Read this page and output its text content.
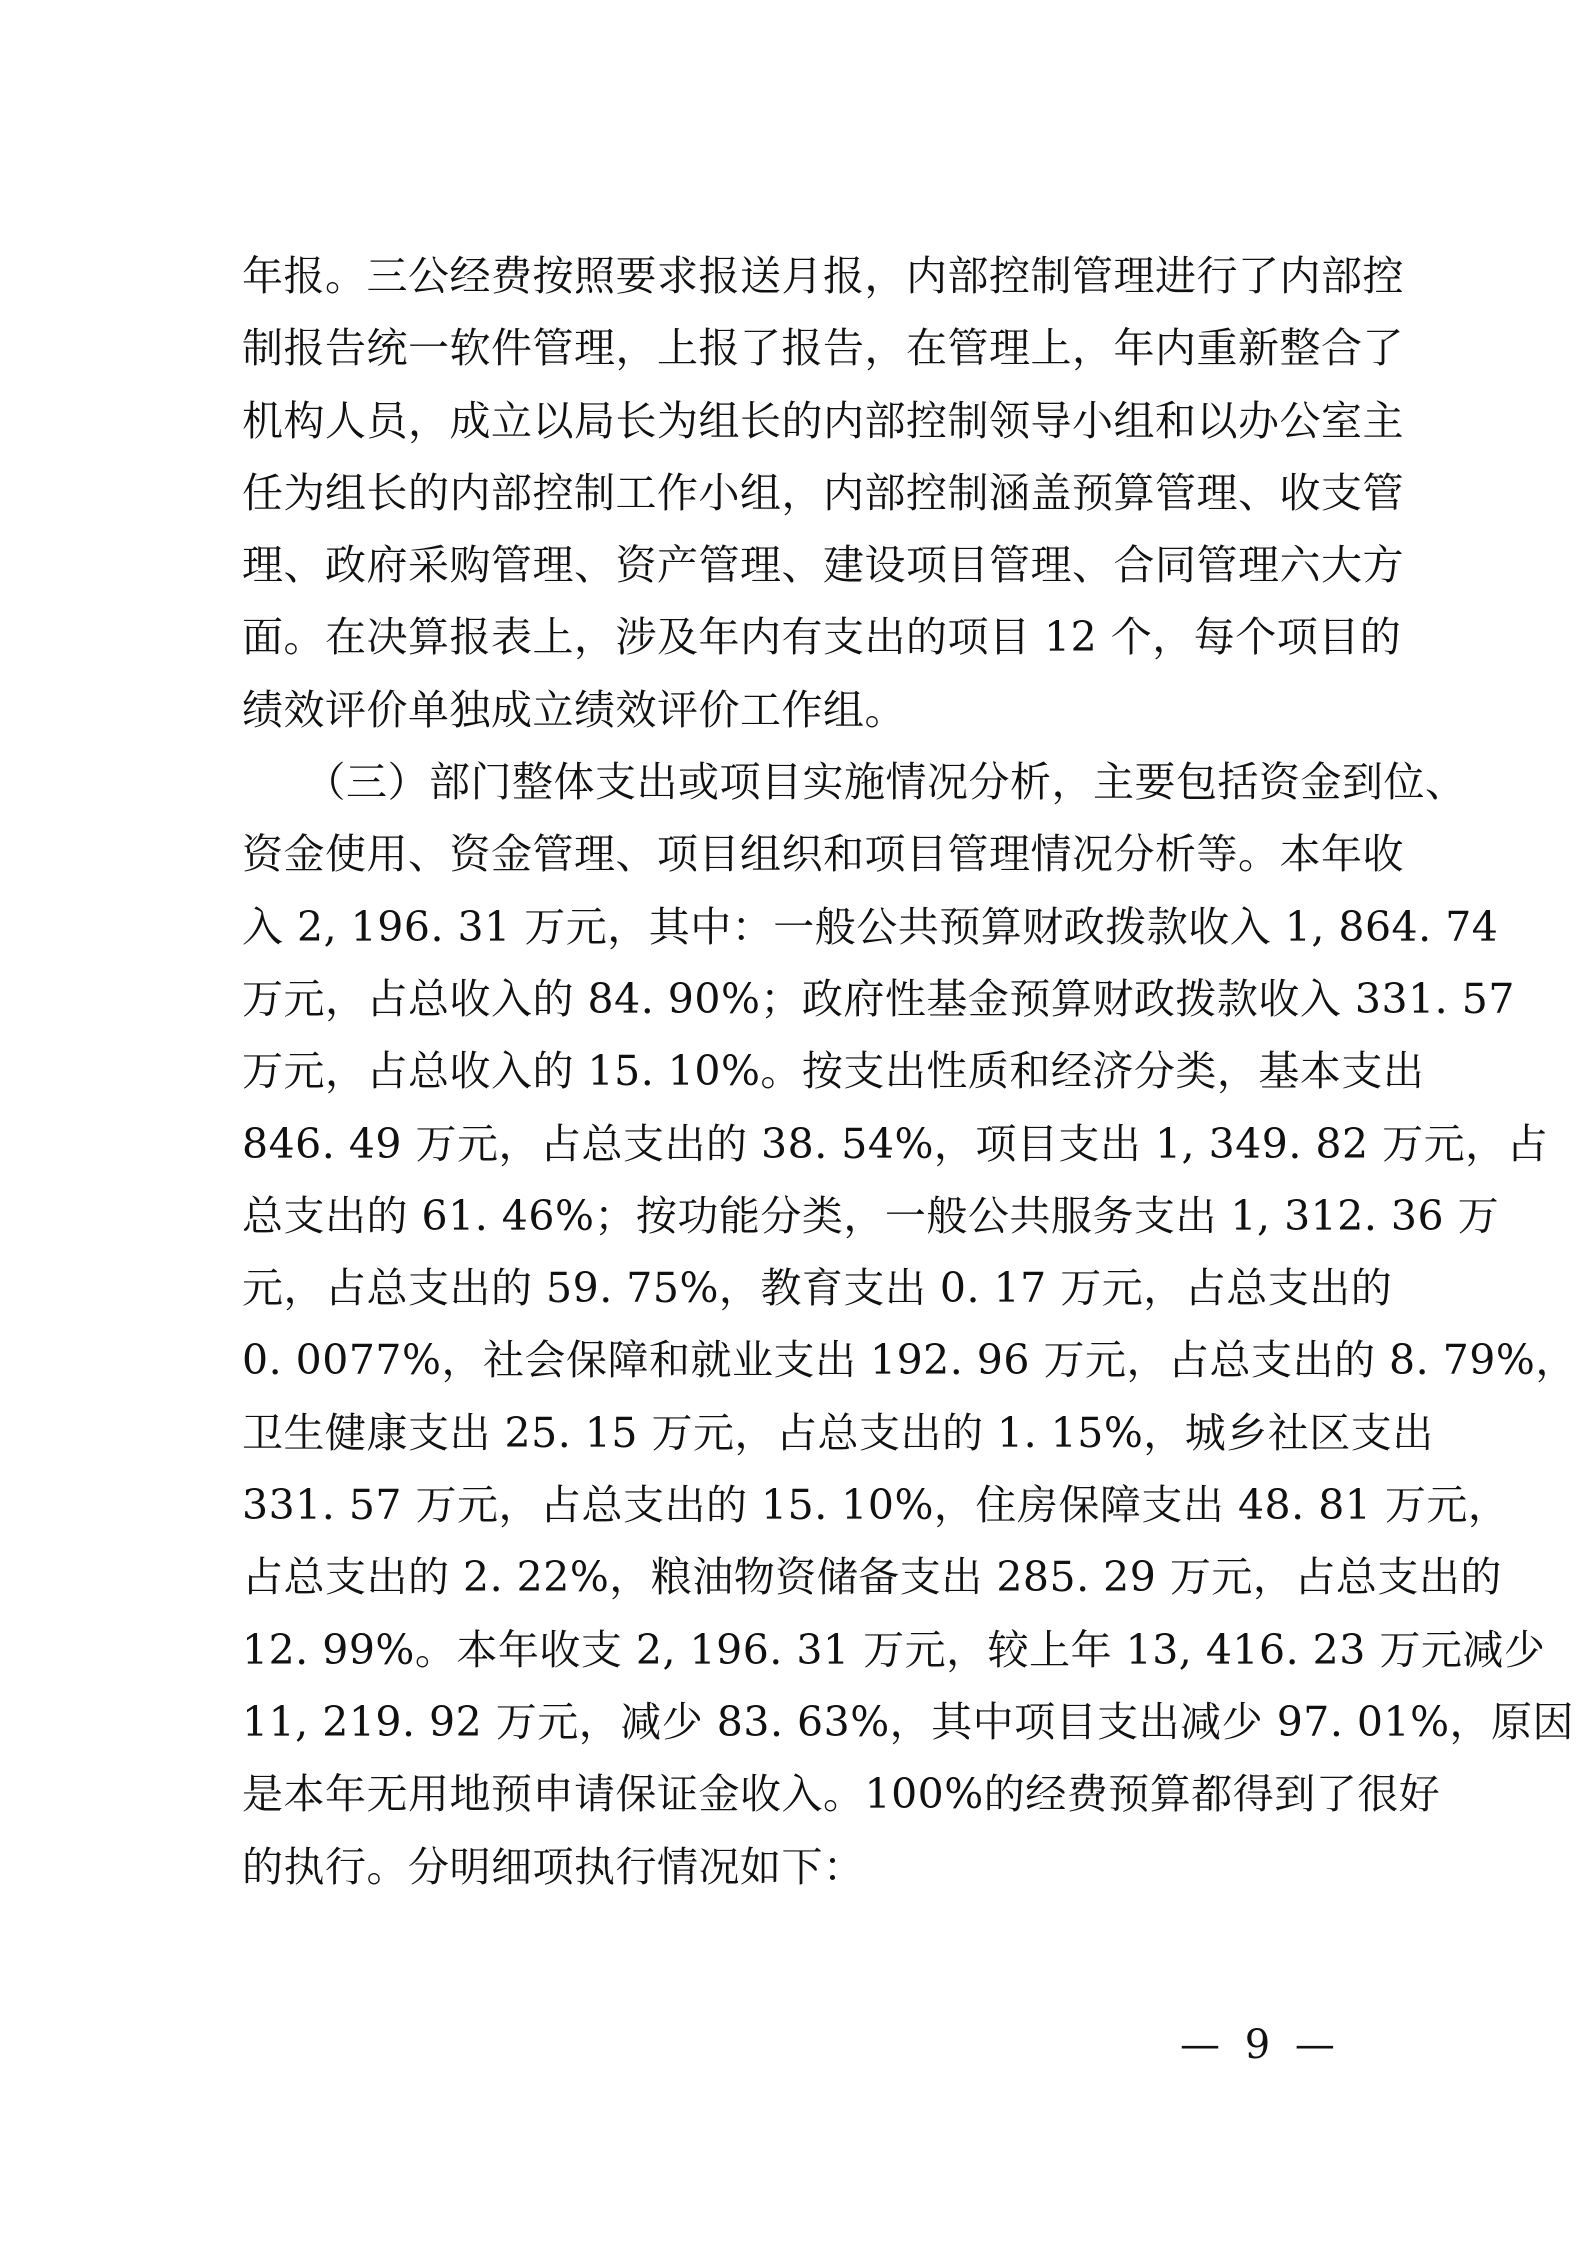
年报。三公经费按照要求报送月报，内部控制管理进行了内部控
制报告统一软件管理，上报了报告，在管理上，年内重新整合了
机构人员，成立以局长为组长的内部控制领导小组和以办公室主
任为组长的内部控制工作小组，内部控制涵盖预算管理、收支管
理、政府采购管理、资产管理、建设项目管理、合同管理六大方
面。在决算报表上，涉及年内有支出的项目 12 个，每个项目的
绩效评价单独成立绩效评价工作组。
　　（三）部门整体支出或项目实施情况分析，主要包括资金到位、
资金使用、资金管理、项目组织和项目管理情况分析等。本年收
入 2, 196. 31 万元，其中：一般公共预算财政拨款收入 1, 864. 74
万元，占总收入的 84. 90%；政府性基金预算财政拨款收入 331. 57
万元，占总收入的 15. 10%。按支出性质和经济分类，基本支出
846. 49 万元，占总支出的 38. 54%，项目支出 1, 349. 82 万元，占
总支出的 61. 46%；按功能分类，一般公共服务支出 1, 312. 36 万
元，占总支出的 59. 75%，教育支出 0. 17 万元，占总支出的
0. 0077%，社会保障和就业支出 192. 96 万元，占总支出的 8. 79%，
卫生健康支出 25. 15 万元，占总支出的 1. 15%，城乡社区支出
331. 57 万元，占总支出的 15. 10%，住房保障支出 48. 81 万元，
占总支出的 2. 22%，粮油物资储备支出 285. 29 万元，占总支出的
12. 99%。本年收支 2, 196. 31 万元，较上年 13, 416. 23 万元减少
11, 219. 92 万元，减少 83. 63%，其中项目支出减少 97. 01%，原因
是本年无用地预申请保证金收入。100%的经费预算都得到了很好
的执行。分明细项执行情况如下：
— 9 —
